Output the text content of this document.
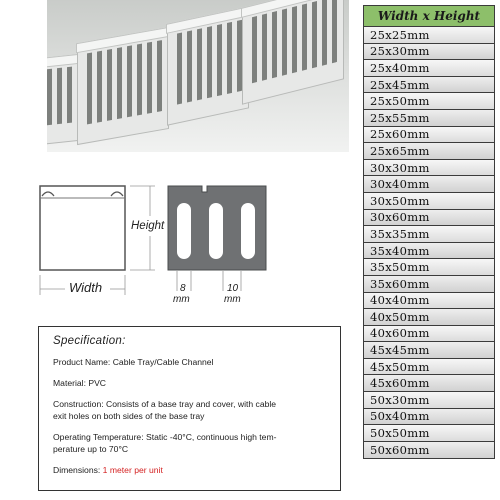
Width x Height
25x25mm
25x30mm
25x40mm
25x45mm
25x50mm
25x55mm
25x60mm
25x65mm
30x30mm
30x40mm
30x50mm
30x60mm
35x35mm
35x40mm
35x50mm
35x60mm
40x40mm
40x50mm
40x60mm
45x45mm
45x50mm
45x60mm
50x30mm
50x40mm
50x50mm
50x60mm
Height
Width	8
mm
10
mm
Specification:
Product Name: Cable Tray/Cable Channel
Material: PVC
Construction: Consists of a base tray and cover, with cable
exit holes on both sides of the base tray
Operating Temperature: Static -40°C, continuous high tem-
perature up to 70°C
Dimensions: 1 meter per unit
